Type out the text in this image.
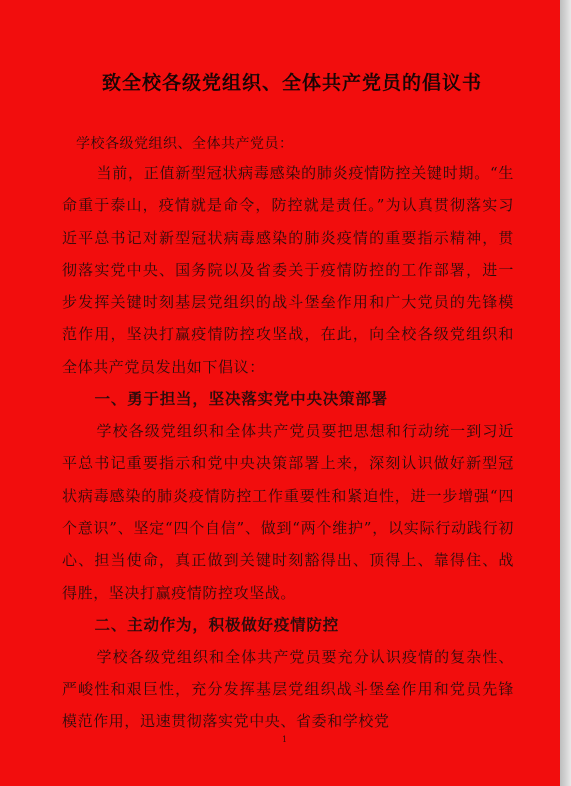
致全校各级党组织、全体共产党员的倡议书
学校各级党组织、全体共产党员：

当前，正值新型冠状病毒感染的肺炎疫情防控关键时期。“生命重于泰山，疫情就是命令，防控就是责任。”为认真贯彻落实习近平总书记对新型冠状病毒感染的肺炎疫情的重要指示精神，贯彻落实党中央、国务院以及省委关于疫情防控的工作部署，进一步发挥关键时刻基层党组织的战斗堡垒作用和广大党员的先锋模范作用，坚决打赢疫情防控攻坚战，在此，向全校各级党组织和全体共产党员发出如下倡议：

一、勇于担当，坚决落实党中央决策部署

学校各级党组织和全体共产党员要把思想和行动统一到习近平总书记重要指示和党中央决策部署上来，深刻认识做好新型冠状病毒感染的肺炎疫情防控工作重要性和紧迫性，进一步增强“四个意识”、坚定“四个自信”、做到“两个维护”，以实际行动践行初心、担当使命，真正做到关键时刻豁得出、顶得上、靠得住、战得胜，坚决打赢疫情防控攻坚战。

二、主动作为，积极做好疫情防控

学校各级党组织和全体共产党员要充分认识疫情的复杂性、严峻性和艰巨性，充分发挥基层党组织战斗堡垒作用和党员先锋模范作用，迅速贯彻落实党中央、省委和学校党

1
